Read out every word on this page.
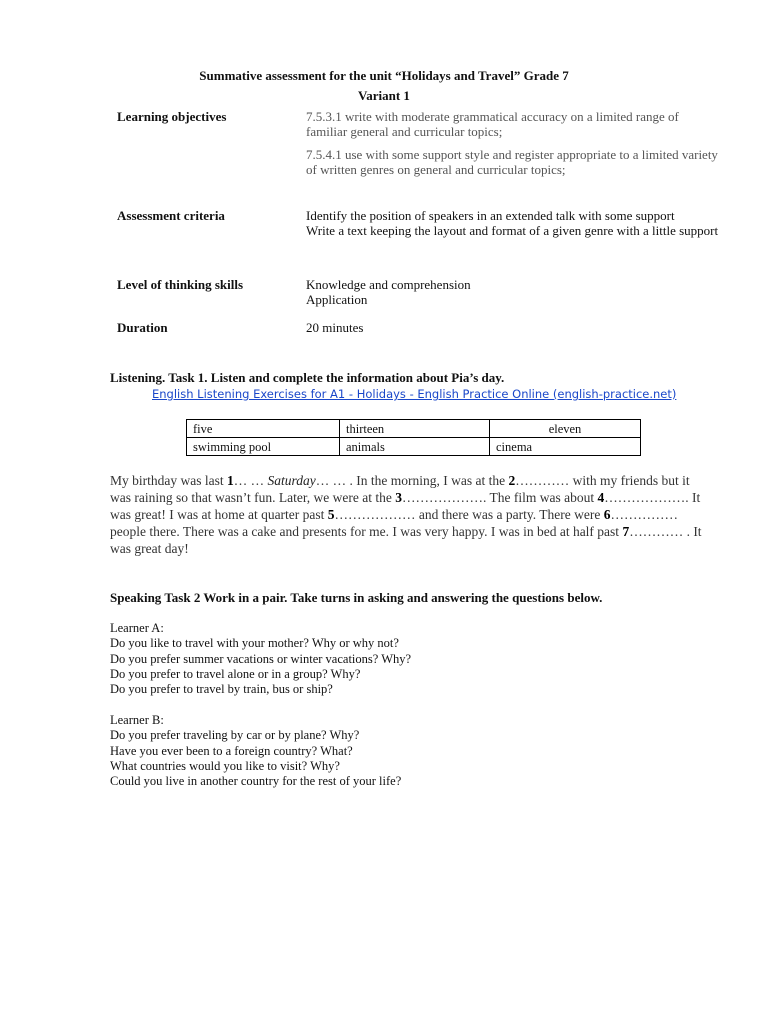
Summative assessment for the unit “Holidays and Travel” Grade 7
Variant 1
Learning objectives	7.5.3.1 write with moderate grammatical accuracy on a limited range of familiar general and curricular topics;

7.5.4.1 use with some support style and register appropriate to a limited variety of written genres on general and curricular topics;

Assessment criteria	Identify the position of speakers in an extended talk with some support
Write a text keeping the layout and format of a given genre with a little support
Level of thinking skills	Knowledge and comprehension
Application
Duration	20 minutes
Listening. Task 1. Listen and complete the information about Pia’s day.
English Listening Exercises for A1 - Holidays - English Practice Online (english-practice.net)
five	thirteen	eleven
swimming pool	animals	cinema
My birthday was last 1… … Saturday… … . In the morning, I was at the 2………… with my friends but it was raining so that wasn’t fun. Later, we were at the 3………………. The film was about 4………………. It was great! I was at home at quarter past 5……………… and there was a party. There were 6…………… people there. There was a cake and presents for me. I was very happy. I was in bed at half past 7………… . It was great day!
Speaking Task 2 Work in a pair. Take turns in asking and answering the questions below.
Learner A:
Do you like to travel with your mother? Why or why not?
Do you prefer summer vacations or winter vacations? Why?
Do you prefer to travel alone or in a group? Why?
Do you prefer to travel by train, bus or ship?
Learner B:
Do you prefer traveling by car or by plane? Why?
Have you ever been to a foreign country? What?
What countries would you like to visit? Why?
Could you live in another country for the rest of your life?
